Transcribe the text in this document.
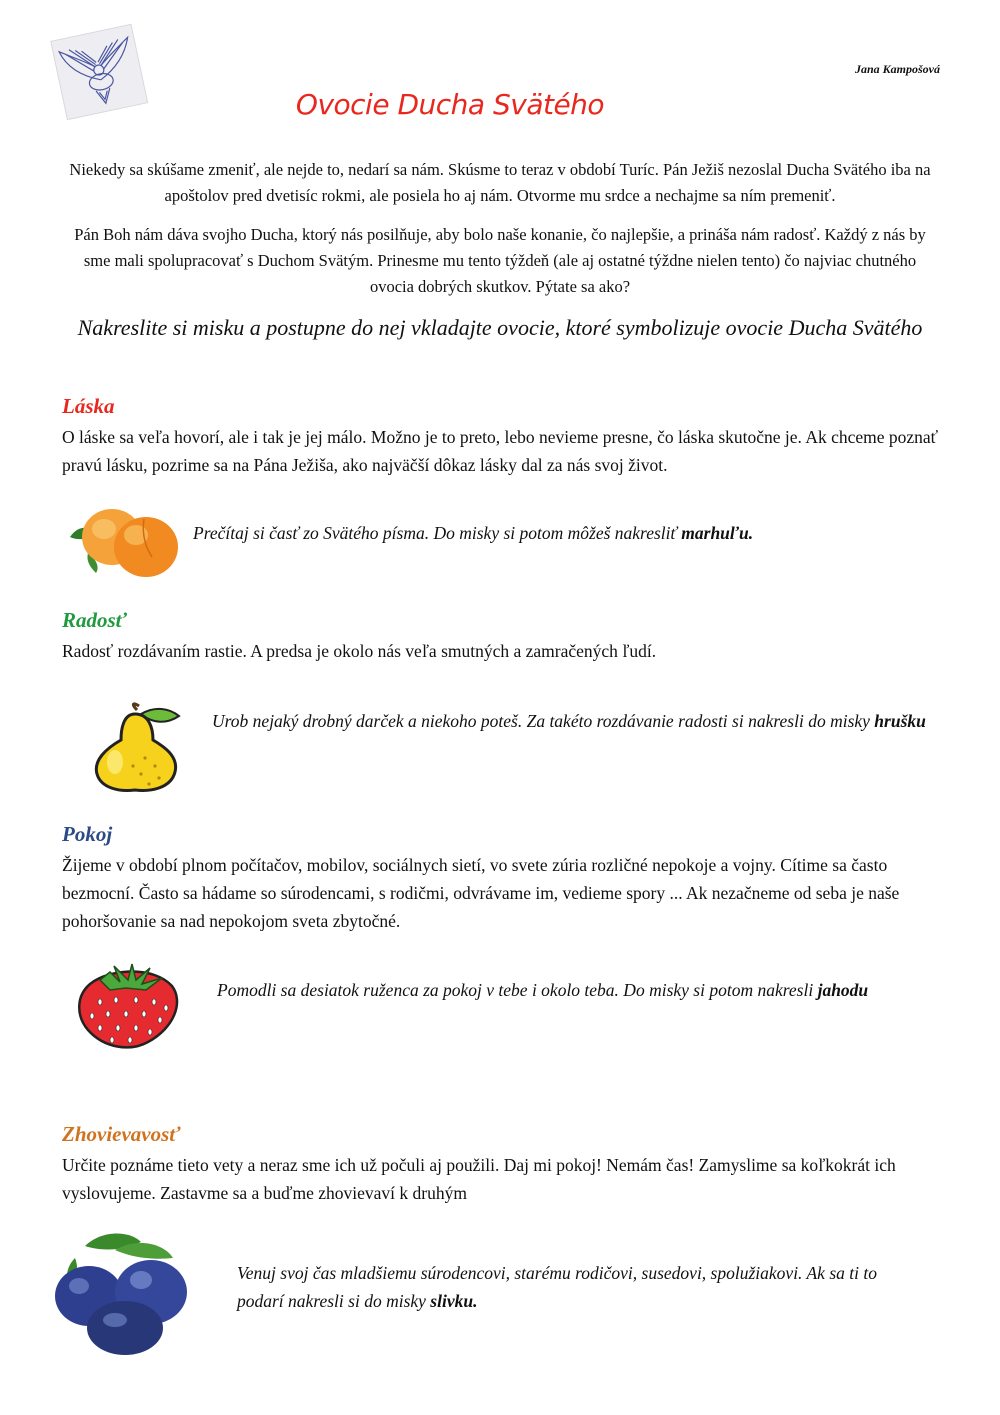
Jana Kampošová
Ovocie Ducha Svätého
Niekedy sa skúšame zmeniť, ale nejde to, nedarí sa nám. Skúsme to teraz v období Turíc. Pán Ježiš nezoslal Ducha Svätého iba na apoštolov pred dvetisíc rokmi, ale posiela ho aj nám. Otvorme mu srdce a nechajme sa ním premeniť.
Pán Boh nám dáva svojho Ducha, ktorý nás posilňuje, aby bolo naše konanie, čo najlepšie, a prináša nám radosť. Každý z nás by sme mali spolupracovať s Duchom Svätým. Prinesme mu tento týždeň (ale aj ostatné týždne nielen tento) čo najviac chutného ovocia dobrých skutkov. Pýtate sa ako?
Nakreslite si misku a postupne do nej vkladajte ovocie, ktoré symbolizuje ovocie Ducha Svätého
Láska
O láske sa veľa hovorí, ale i tak je jej málo. Možno je to preto, lebo nevieme presne, čo láska skutočne je. Ak chceme poznať pravú lásku, pozrime sa na Pána Ježiša, ako najväčší dôkaz lásky dal za nás svoj život.
Prečítaj si časť zo Svätého písma. Do misky si potom môžeš nakresliť marhuľu.
Radosť
Radosť rozdávaním rastie. A predsa je okolo nás veľa smutných a zamračených ľudí.
Urob nejaký drobný darček a niekoho poteš. Za takéto rozdávanie radosti si nakresli do misky hrušku
Pokoj
Žijeme v období plnom počítačov, mobilov, sociálnych sietí, vo svete zúria rozličné nepokoje a vojny. Cítime sa často bezmocní. Často sa hádame so súrodencami, s rodičmi, odvrávame im, vedieme spory ... Ak nezačneme od seba je naše pohoršovanie sa nad nepokojom sveta zbytočné.
Pomodli sa desiatok ruženca za pokoj v tebe i okolo teba. Do misky si potom nakresli jahodu
Zhovievavosť
Určite poznáme tieto vety a neraz sme ich už počuli aj použili. Daj mi pokoj! Nemám čas! Zamyslime sa koľkokrát ich vyslovujeme. Zastavme sa a buďme zhovievaví k druhým
Venuj svoj čas mladšiemu súrodencovi, starému rodičovi, susedovi, spolužiakovi. Ak sa ti to podarí nakresli si do misky slivku.
